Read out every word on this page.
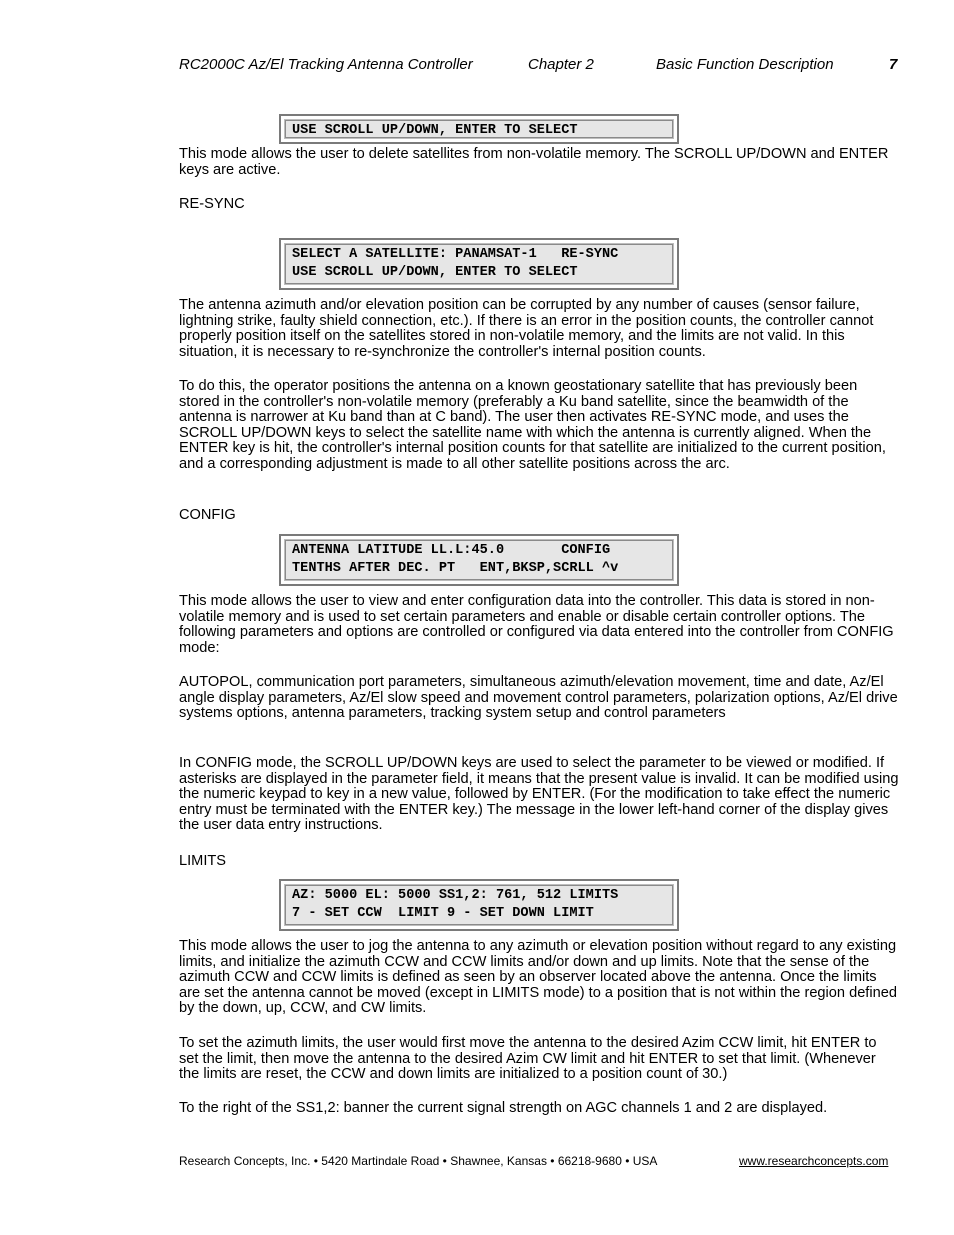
RC2000C Az/El Tracking Antenna Controller	Chapter 2	Basic Function Description	7
USE SCROLL UP/DOWN, ENTER TO SELECT

This mode allows the user to delete satellites from non-volatile memory. The SCROLL UP/DOWN and ENTER keys are active.

RE-SYNC

SELECT A SATELLITE: PANAMSAT-1   RE-SYNC
USE SCROLL UP/DOWN, ENTER TO SELECT

The antenna azimuth and/or elevation position can be corrupted by any number of causes (sensor failure, lightning strike, faulty shield connection, etc.). If there is an error in the position counts, the controller cannot properly position itself on the satellites stored in non-volatile memory, and the limits are not valid. In this situation, it is necessary to re-synchronize the controller's internal position counts.

To do this, the operator positions the antenna on a known geostationary satellite that has previously been stored in the controller's non-volatile memory (preferably a Ku band satellite, since the beamwidth of the antenna is narrower at Ku band than at C band). The user then activates RE-SYNC mode, and uses the SCROLL UP/DOWN keys to select the satellite name with which the antenna is currently aligned. When the ENTER key is hit, the controller's internal position counts for that satellite are initialized to the current position, and a corresponding adjustment is made to all other satellite positions across the arc.

CONFIG

ANTENNA LATITUDE LL.L:45.0       CONFIG
TENTHS AFTER DEC. PT   ENT,BKSP,SCRLL ^v

This mode allows the user to view and enter configuration data into the controller. This data is stored in non-volatile memory and is used to set certain parameters and enable or disable certain controller options. The following parameters and options are controlled or configured via data entered into the controller from CONFIG mode:

AUTOPOL, communication port parameters, simultaneous azimuth/elevation movement, time and date, Az/El angle display parameters, Az/El slow speed and movement control parameters, polarization options, Az/El drive systems options, antenna parameters, tracking system setup and control parameters

In CONFIG mode, the SCROLL UP/DOWN keys are used to select the parameter to be viewed or modified. If asterisks are displayed in the parameter field, it means that the present value is invalid. It can be modified using the numeric keypad to key in a new value, followed by ENTER. (For the modification to take effect the numeric entry must be terminated with the ENTER key.) The message in the lower left-hand corner of the display gives the user data entry instructions.

LIMITS

AZ: 5000 EL: 5000 SS1,2: 761, 512 LIMITS
7 - SET CCW  LIMIT 9 - SET DOWN LIMIT

This mode allows the user to jog the antenna to any azimuth or elevation position without regard to any existing limits, and initialize the azimuth CCW and CCW limits and/or down and up limits. Note that the sense of the azimuth CCW and CCW limits is defined as seen by an observer located above the antenna. Once the limits are set the antenna cannot be moved (except in LIMITS mode) to a position that is not within the region defined by the down, up, CCW, and CW limits.

To set the azimuth limits, the user would first move the antenna to the desired Azim CCW limit, hit ENTER to set the limit, then move the antenna to the desired Azim CW limit and hit ENTER to set that limit. (Whenever the limits are reset, the CCW and down limits are initialized to a position count of 30.)

To the right of the SS1,2: banner the current signal strength on AGC channels 1 and 2 are displayed.

Research Concepts, Inc. • 5420 Martindale Road • Shawnee, Kansas • 66218-9680 • USA	www.researchconcepts.com
